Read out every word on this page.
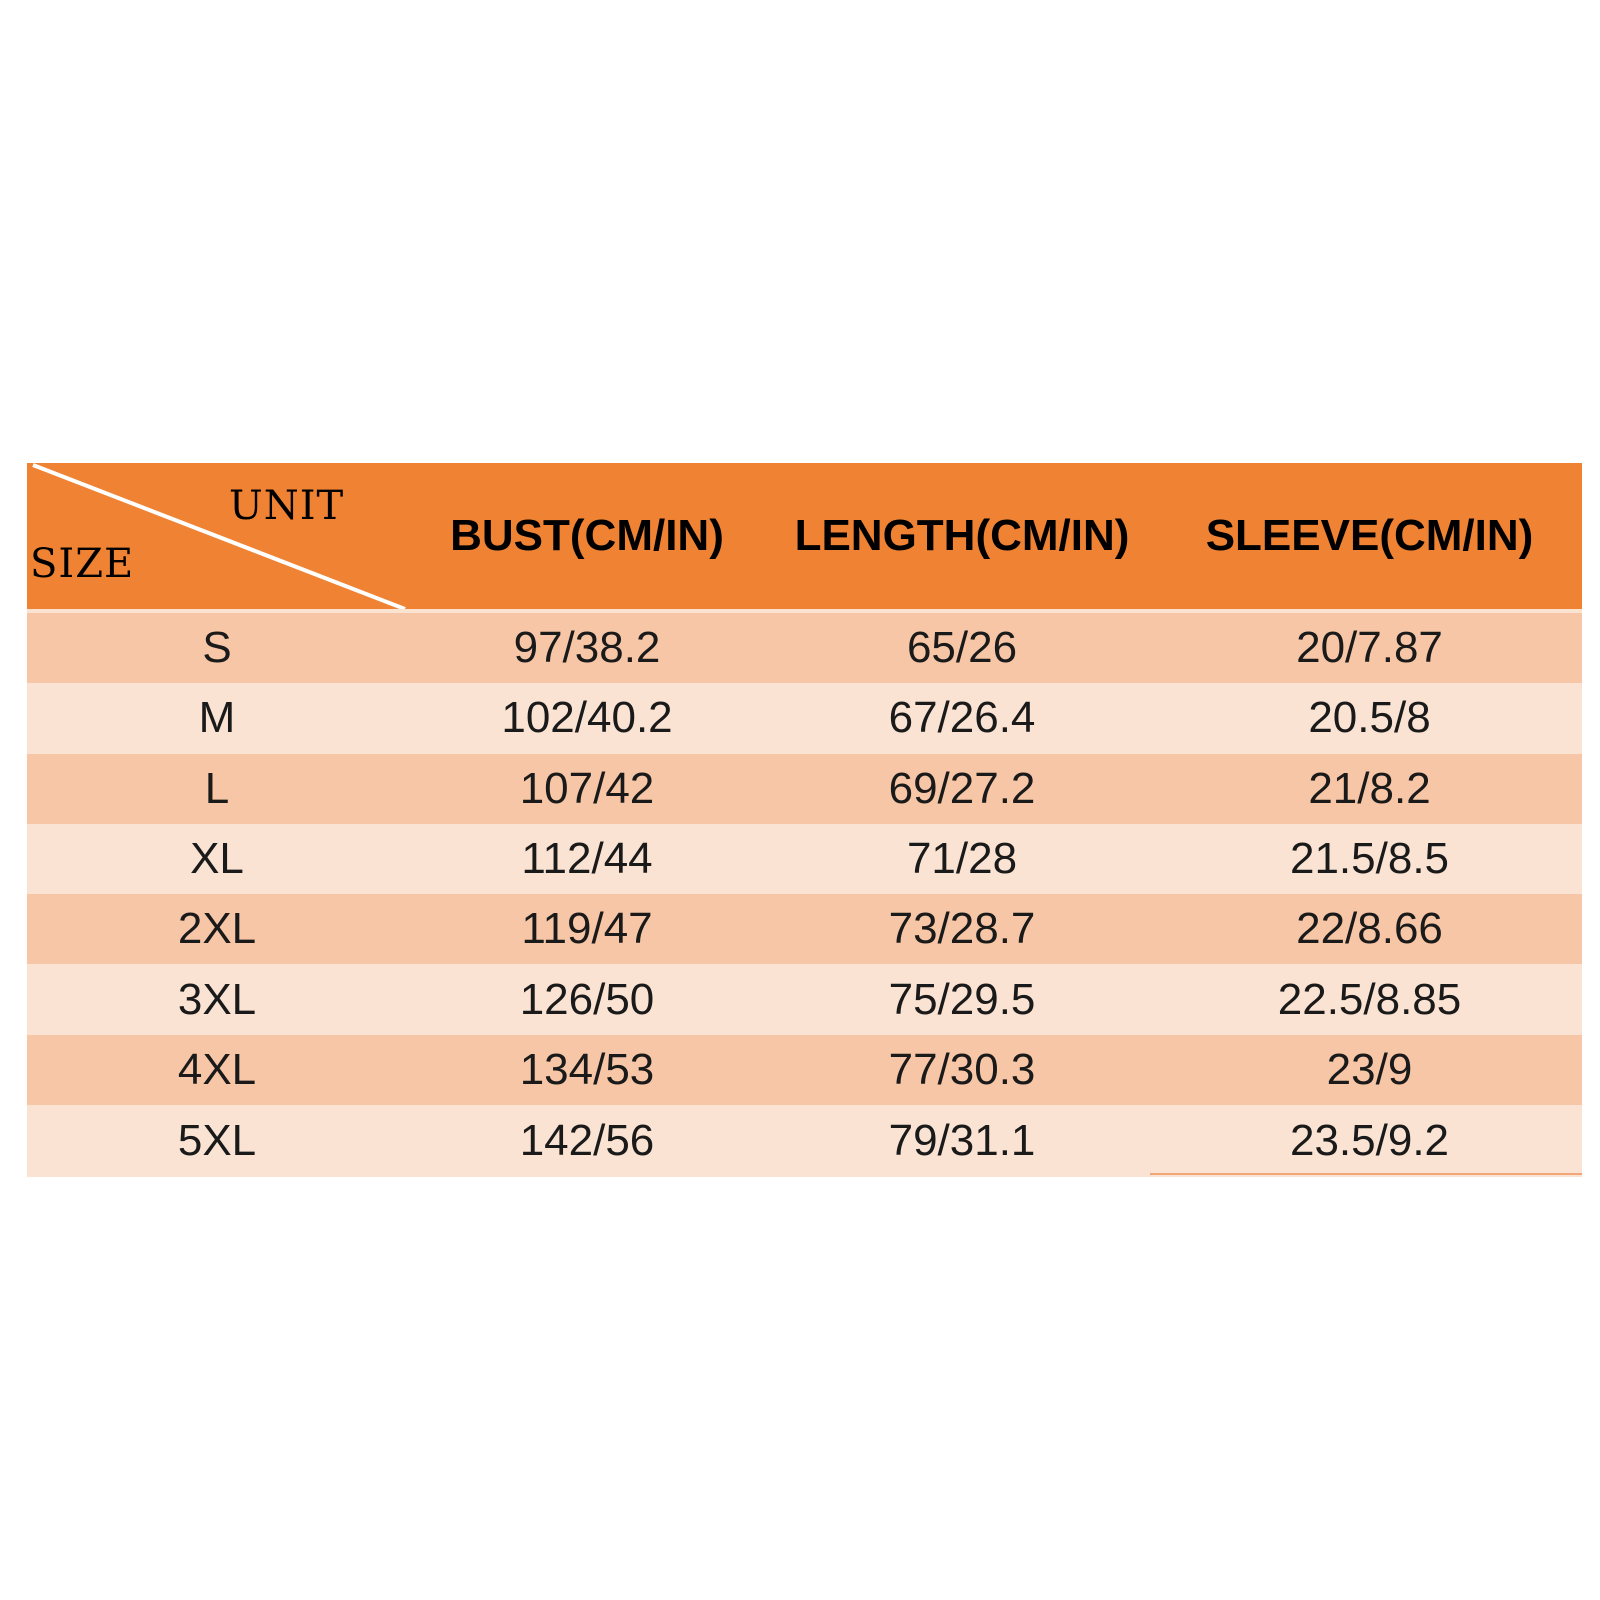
UNIT
SIZE
BUST(CM/IN)	LENGTH(CM/IN)	SLEEVE(CM/IN)
S	97/38.2	65/26	20/7.87
M	102/40.2	67/26.4	20.5/8
L	107/42	69/27.2	21/8.2
XL	112/44	71/28	21.5/8.5
2XL	119/47	73/28.7	22/8.66
3XL	126/50	75/29.5	22.5/8.85
4XL	134/53	77/30.3	23/9
5XL	142/56	79/31.1	23.5/9.2
